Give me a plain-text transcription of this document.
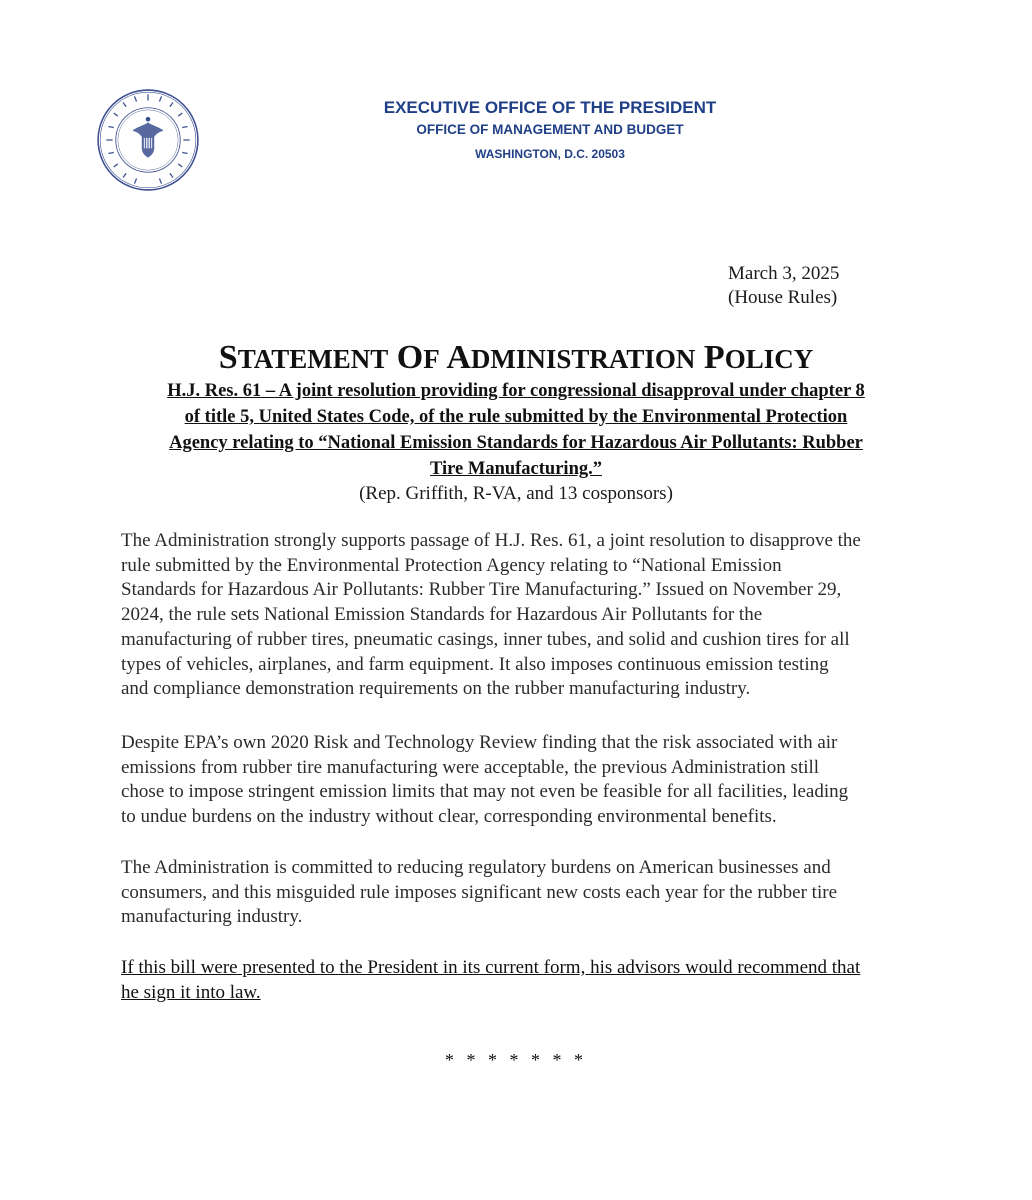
EXECUTIVE OFFICE OF THE PRESIDENT
OFFICE OF MANAGEMENT AND BUDGET
WASHINGTON, D.C. 20503
March 3, 2025
(House Rules)
STATEMENT OF ADMINISTRATION POLICY
H.J. Res. 61 – A joint resolution providing for congressional disapproval under chapter 8
of title 5, United States Code, of the rule submitted by the Environmental Protection
Agency relating to “National Emission Standards for Hazardous Air Pollutants: Rubber
Tire Manufacturing.”
(Rep. Griffith, R-VA, and 13 cosponsors)
The Administration strongly supports passage of H.J. Res. 61, a joint resolution to disapprove the
rule submitted by the Environmental Protection Agency relating to “National Emission
Standards for Hazardous Air Pollutants: Rubber Tire Manufacturing.” Issued on November 29,
2024, the rule sets National Emission Standards for Hazardous Air Pollutants for the
manufacturing of rubber tires, pneumatic casings, inner tubes, and solid and cushion tires for all
types of vehicles, airplanes, and farm equipment. It also imposes continuous emission testing
and compliance demonstration requirements on the rubber manufacturing industry.
Despite EPA’s own 2020 Risk and Technology Review finding that the risk associated with air
emissions from rubber tire manufacturing were acceptable, the previous Administration still
chose to impose stringent emission limits that may not even be feasible for all facilities, leading
to undue burdens on the industry without clear, corresponding environmental benefits.
The Administration is committed to reducing regulatory burdens on American businesses and
consumers, and this misguided rule imposes significant new costs each year for the rubber tire
manufacturing industry.
If this bill were presented to the President in its current form, his advisors would recommend that
he sign it into law.
* * * * * * *
